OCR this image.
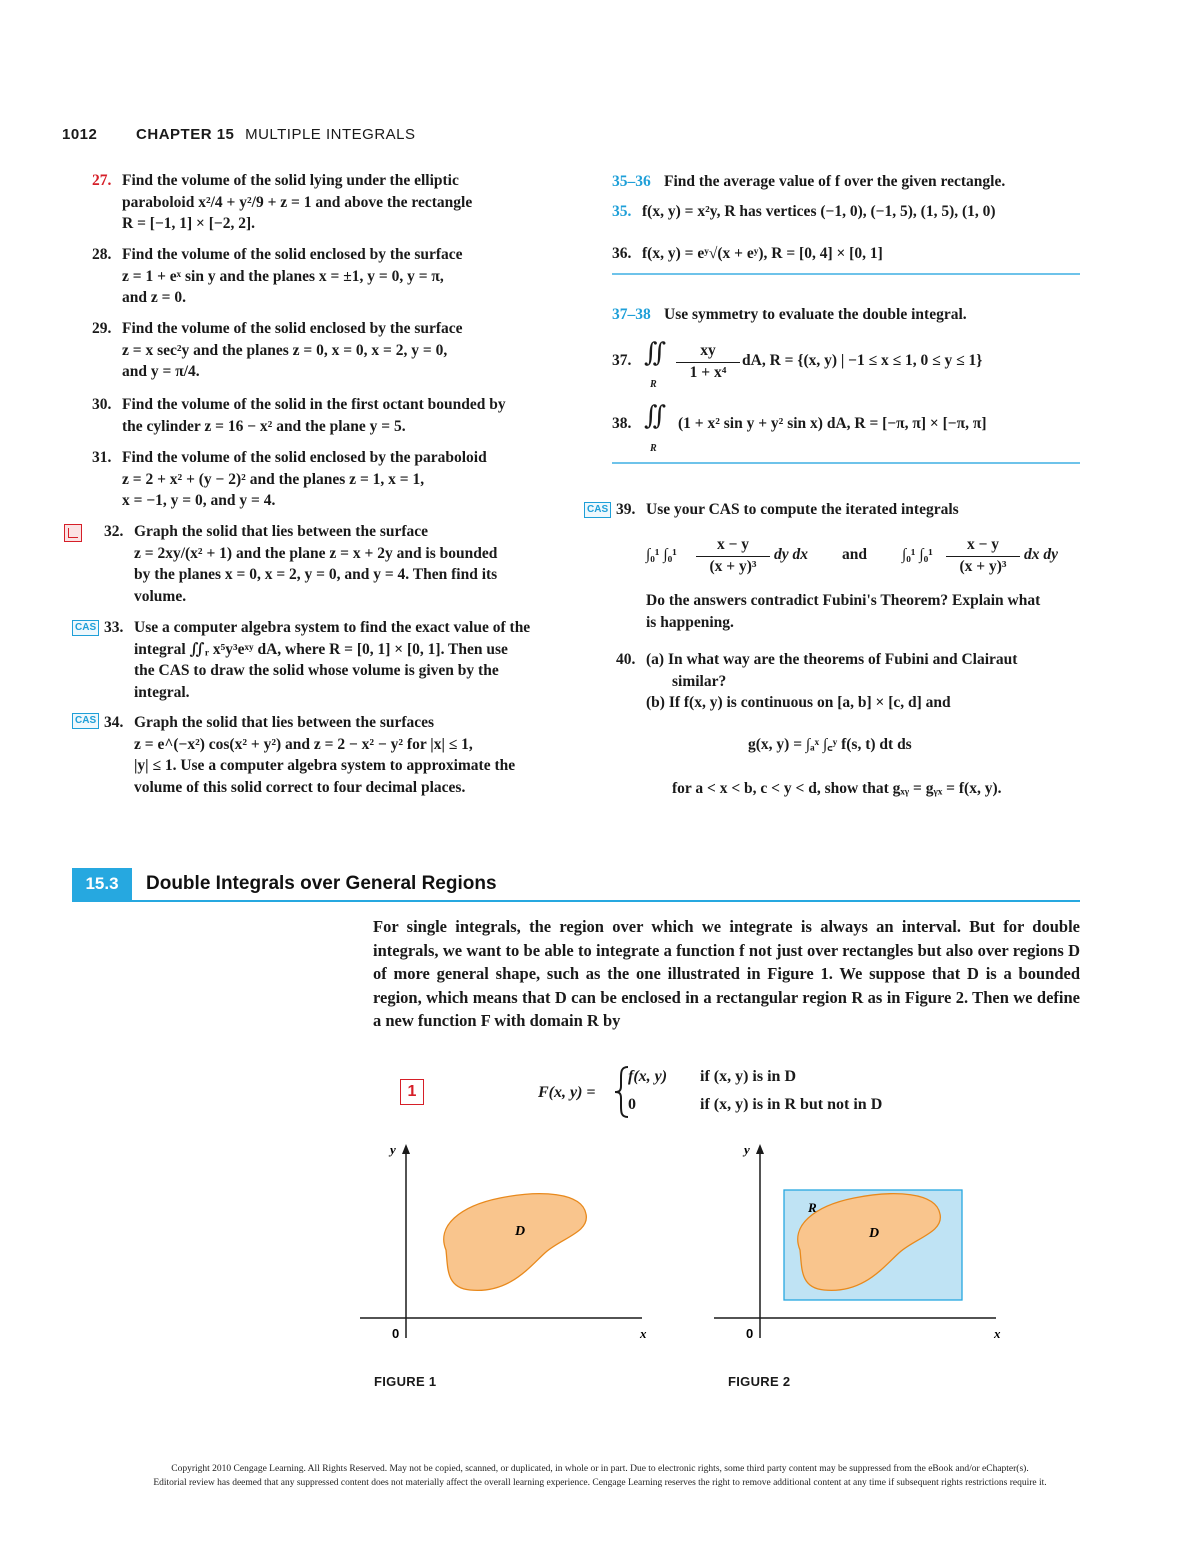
1012	CHAPTER 15 MULTIPLE INTEGRALS
27. Find the volume of the solid lying under the elliptic
paraboloid x²/4 + y²/9 + z = 1 and above the rectangle
R = [−1, 1] × [−2, 2].
28. Find the volume of the solid enclosed by the surface
z = 1 + eˣ sin y and the planes x = ±1, y = 0, y = π,
and z = 0.
29. Find the volume of the solid enclosed by the surface
z = x sec²y and the planes z = 0, x = 0, x = 2, y = 0,
and y = π/4.
30. Find the volume of the solid in the first octant bounded by
the cylinder z = 16 − x² and the plane y = 5.
31. Find the volume of the solid enclosed by the paraboloid
z = 2 + x² + (y − 2)² and the planes z = 1, x = 1,
x = −1, y = 0, and y = 4.
32. Graph the solid that lies between the surface
z = 2xy/(x² + 1) and the plane z = x + 2y and is bounded
by the planes x = 0, x = 2, y = 0, and y = 4. Then find its
volume.
CAS 33. Use a computer algebra system to find the exact value of the
integral ∬ᵣ x⁵y³eˣʸ dA, where R = [0, 1] × [0, 1]. Then use
the CAS to draw the solid whose volume is given by the
integral.
CAS 34. Graph the solid that lies between the surfaces
z = e^(−x²) cos(x² + y²) and z = 2 − x² − y² for |x| ≤ 1,
|y| ≤ 1. Use a computer algebra system to approximate the
volume of this solid correct to four decimal places.
35–36 Find the average value of f over the given rectangle.
35. f(x, y) = x²y, R has vertices (−1, 0), (−1, 5), (1, 5), (1, 0)
36. f(x, y) = eʸ√(x + eʸ), R = [0, 4] × [0, 1]
37–38 Use symmetry to evaluate the double integral.
37. ∬
R
xy
1 + x⁴
dA, R = {(x, y) | −1 ≤ x ≤ 1, 0 ≤ y ≤ 1}
38. ∬
R
(1 + x² sin y + y² sin x) dA, R = [−π, π] × [−π, π]
CAS 39. Use your CAS to compute the iterated integrals
∫₀¹ ∫₀¹
x − y
(x + y)³
dy dx and ∫₀¹ ∫₀¹
x − y
(x + y)³
dx dy
Do the answers contradict Fubini's Theorem? Explain what
is happening.
40. (a) In what way are the theorems of Fubini and Clairaut
similar?
(b) If f(x, y) is continuous on [a, b] × [c, d] and
g(x, y) = ∫ₐˣ ∫꜀ʸ f(s, t) dt ds
for a < x < b, c < y < d, show that gₓᵧ = gᵧₓ = f(x, y).
15.3	Double Integrals over General Regions
For single integrals, the region over which we integrate is always an interval. But for double integrals, we want to be able to integrate a function f not just over rectangles but also over regions D of more general shape, such as the one illustrated in Figure 1. We suppose that D is a bounded region, which means that D can be enclosed in a rectangular region R as in Figure 2. Then we define a new function F with domain R by
1	F(x, y) =
f(x, y) if (x, y) is in D
0	if (x, y) is in R but not in D
y
x
0
D
FIGURE 1
y
x
0
R
D
FIGURE 2
Copyright 2010 Cengage Learning. All Rights Reserved. May not be copied, scanned, or duplicated, in whole or in part. Due to electronic rights, some third party content may be suppressed from the eBook and/or eChapter(s).
Editorial review has deemed that any suppressed content does not materially affect the overall learning experience. Cengage Learning reserves the right to remove additional content at any time if subsequent rights restrictions require it.
